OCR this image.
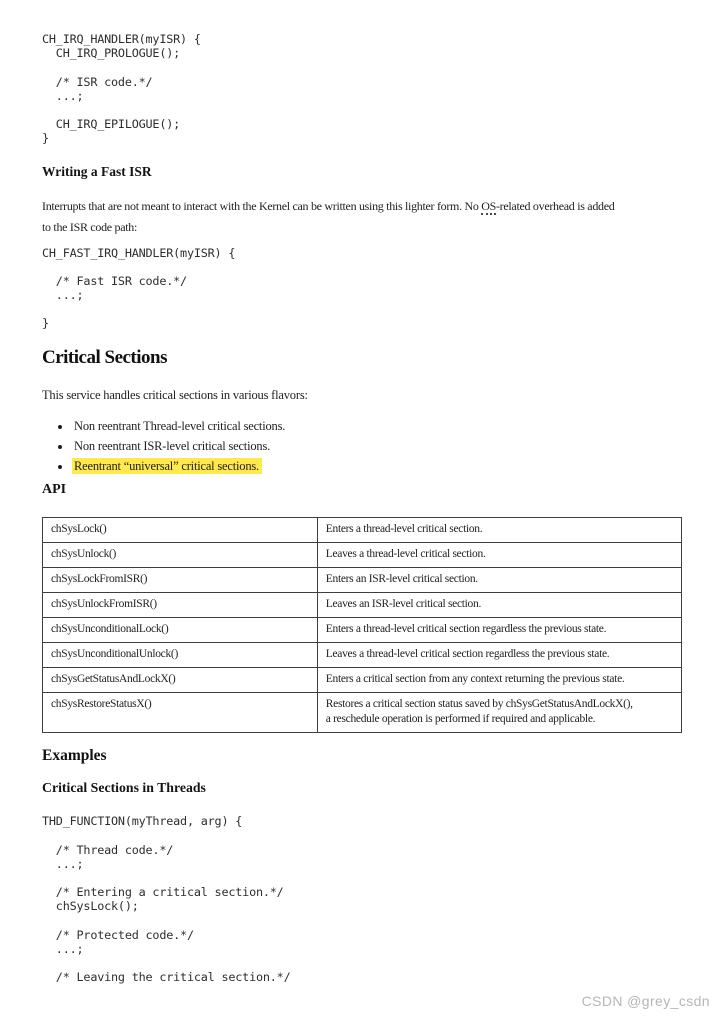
CH_IRQ_HANDLER(myISR) {
CH_IRQ_PROLOGUE();
/* ISR code.*/
...;
CH_IRQ_EPILOGUE();
}
Writing a Fast ISR

Interrupts that are not meant to interact with the Kernel can be written using this lighter form. No OS-related overhead is added
to the ISR code path:

CH_FAST_IRQ_HANDLER(myISR) {
/* Fast ISR code.*/
...;
}
Critical Sections

This service handles critical sections in various flavors:

• Non reentrant Thread-level critical sections.
• Non reentrant ISR-level critical sections.
• Reentrant “universal” critical sections.
API
chSysLock()	Enters a thread-level critical section.
chSysUnlock()	Leaves a thread-level critical section.
chSysLockFromISR()	Enters an ISR-level critical section.
chSysUnlockFromISR()	Leaves an ISR-level critical section.
chSysUnconditionalLock()	Enters a thread-level critical section regardless the previous state.
chSysUnconditionalUnlock()	Leaves a thread-level critical section regardless the previous state.
chSysGetStatusAndLockX()	Enters a critical section from any context returning the previous state.
chSysRestoreStatusX()	Restores a critical section status saved by chSysGetStatusAndLockX(),
a reschedule operation is performed if required and applicable.
Examples
Critical Sections in Threads
THD_FUNCTION(myThread, arg) {
/* Thread code.*/
...;
/* Entering a critical section.*/
chSysLock();
/* Protected code.*/
...;
/* Leaving the critical section.*/
CSDN @grey_csdn
